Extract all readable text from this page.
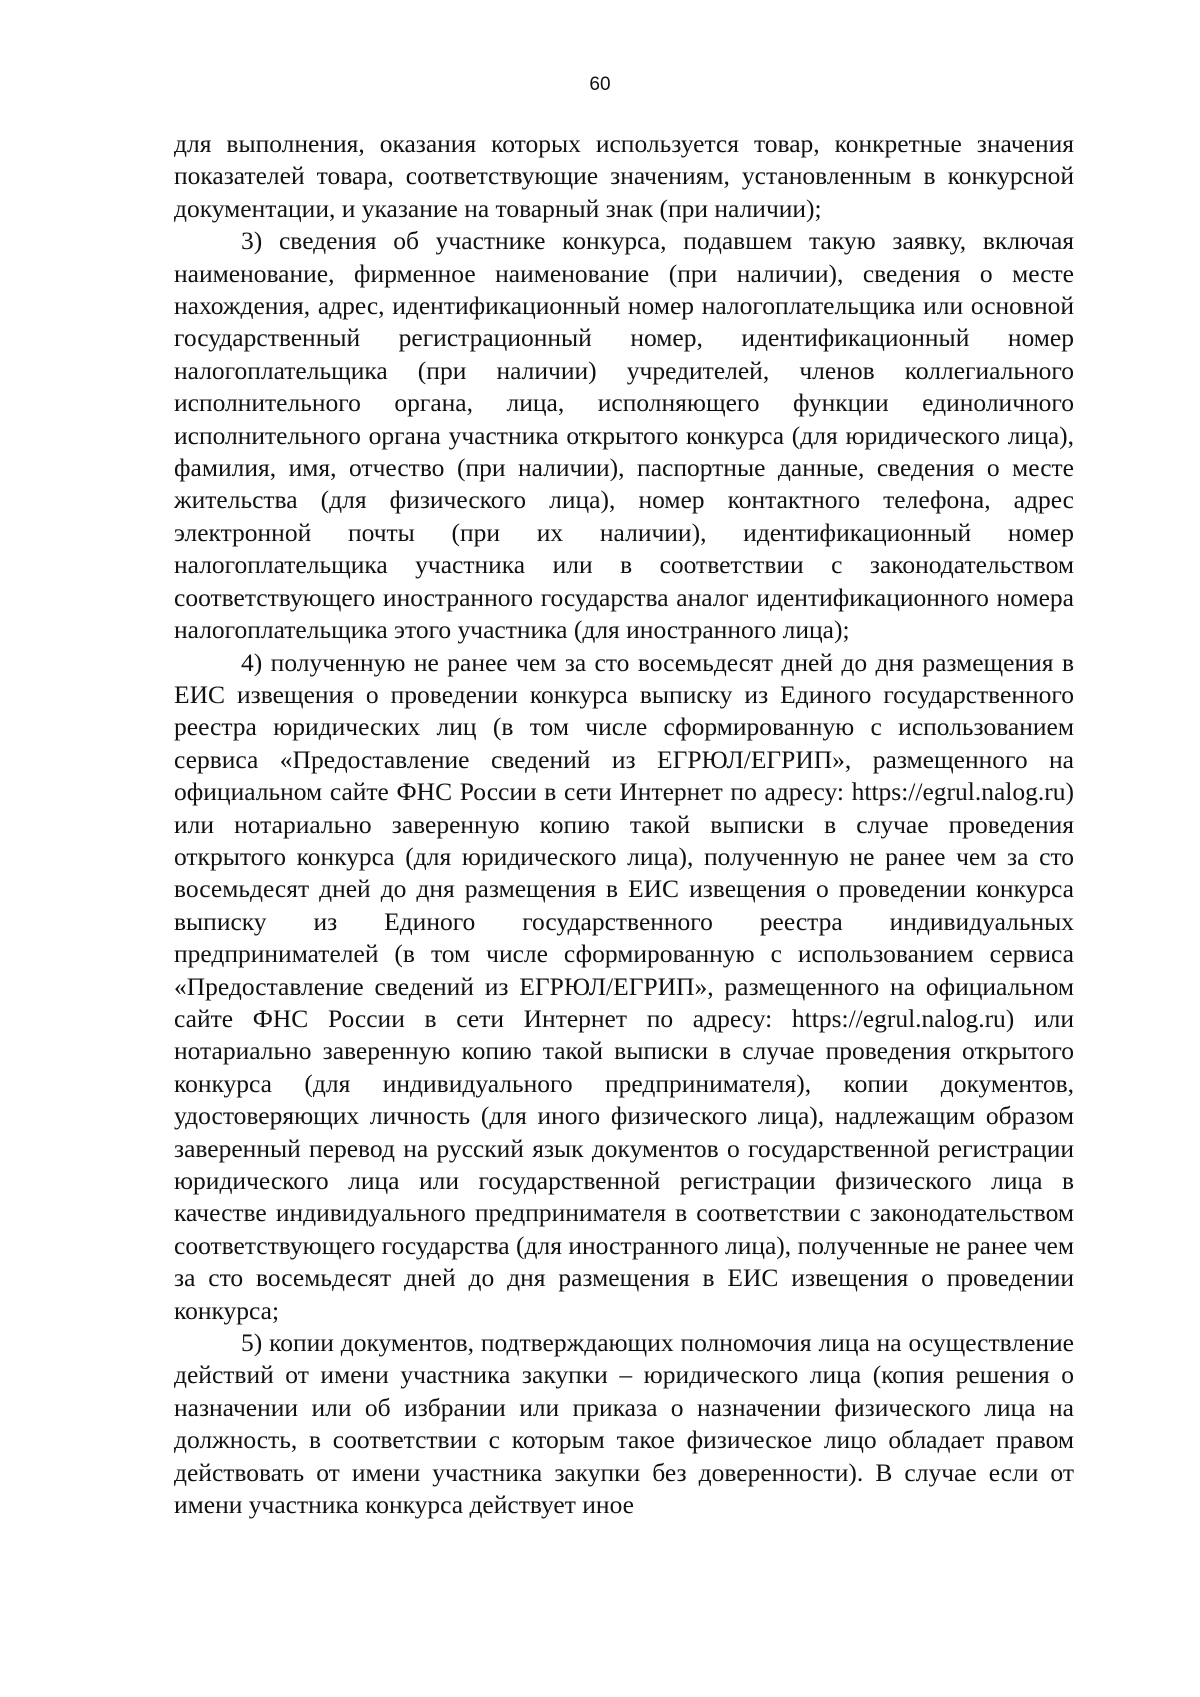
60

для выполнения, оказания которых используется товар, конкретные значения показателей товара, соответствующие значениям, установленным в конкурсной документации, и указание на товарный знак (при наличии);

3) сведения об участнике конкурса, подавшем такую заявку, включая наименование, фирменное наименование (при наличии), сведения о месте нахождения, адрес, идентификационный номер налогоплательщика или основной государственный регистрационный номер, идентификационный номер налогоплательщика (при наличии) учредителей, членов коллегиального исполнительного органа, лица, исполняющего функции единоличного исполнительного органа участника открытого конкурса (для юридического лица), фамилия, имя, отчество (при наличии), паспортные данные, сведения о месте жительства (для физического лица), номер контактного телефона, адрес электронной почты (при их наличии), идентификационный номер налогоплательщика участника или в соответствии с законодательством соответствующего иностранного государства аналог идентификационного номера налогоплательщика этого участника (для иностранного лица);

4) полученную не ранее чем за сто восемьдесят дней до дня размещения в ЕИС извещения о проведении конкурса выписку из Единого государственного реестра юридических лиц (в том числе сформированную с использованием сервиса «Предоставление сведений из ЕГРЮЛ/ЕГРИП», размещенного на официальном сайте ФНС России в сети Интернет по адресу: https://egrul.nalog.ru) или нотариально заверенную копию такой выписки в случае проведения открытого конкурса (для юридического лица), полученную не ранее чем за сто восемьдесят дней до дня размещения в ЕИС извещения о проведении конкурса выписку из Единого государственного реестра индивидуальных предпринимателей (в том числе сформированную с использованием сервиса «Предоставление сведений из ЕГРЮЛ/ЕГРИП», размещенного на официальном сайте ФНС России в сети Интернет по адресу: https://egrul.nalog.ru) или нотариально заверенную копию такой выписки в случае проведения открытого конкурса (для индивидуального предпринимателя), копии документов, удостоверяющих личность (для иного физического лица), надлежащим образом заверенный перевод на русский язык документов о государственной регистрации юридического лица или государственной регистрации физического лица в качестве индивидуального предпринимателя в соответствии с законодательством соответствующего государства (для иностранного лица), полученные не ранее чем за сто восемьдесят дней до дня размещения в ЕИС извещения о проведении конкурса;

5) копии документов, подтверждающих полномочия лица на осуществление действий от имени участника закупки – юридического лица (копия решения о назначении или об избрании или приказа о назначении физического лица на должность, в соответствии с которым такое физическое лицо обладает правом действовать от имени участника закупки без доверенности). В случае если от имени участника конкурса действует иное
